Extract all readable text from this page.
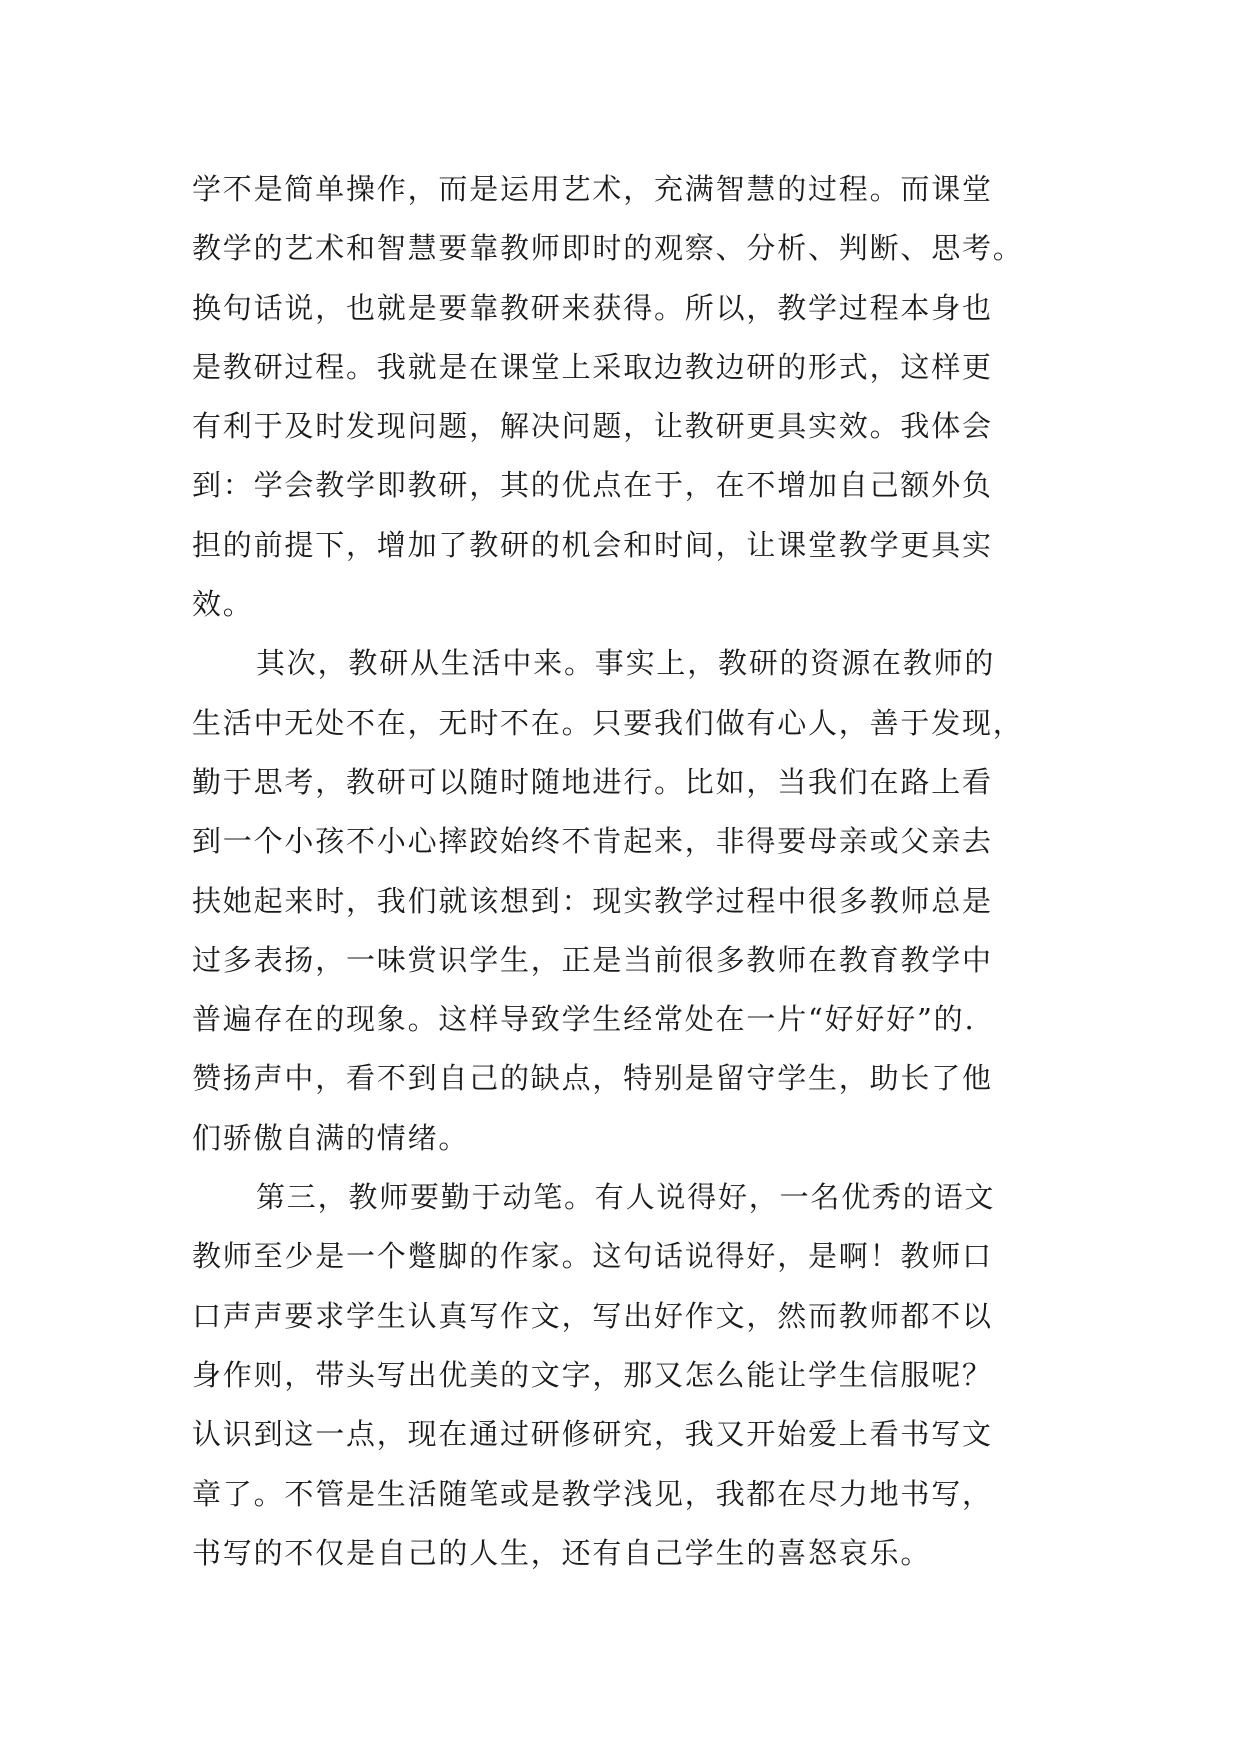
学不是简单操作，而是运用艺术，充满智慧的过程。而课堂
教学的艺术和智慧要靠教师即时的观察、分析、判断、思考。
换句话说，也就是要靠教研来获得。所以，教学过程本身也
是教研过程。我就是在课堂上采取边教边研的形式，这样更
有利于及时发现问题，解决问题，让教研更具实效。我体会
到：学会教学即教研，其的优点在于，在不增加自己额外负
担的前提下，增加了教研的机会和时间，让课堂教学更具实
效。
其次，教研从生活中来。事实上，教研的资源在教师的
生活中无处不在，无时不在。只要我们做有心人，善于发现，
勤于思考，教研可以随时随地进行。比如，当我们在路上看
到一个小孩不小心摔跤始终不肯起来，非得要母亲或父亲去
扶她起来时，我们就该想到：现实教学过程中很多教师总是
过多表扬，一味赏识学生，正是当前很多教师在教育教学中
普遍存在的现象。这样导致学生经常处在一片“好好好”的.
赞扬声中，看不到自己的缺点，特别是留守学生，助长了他
们骄傲自满的情绪。
第三，教师要勤于动笔。有人说得好，一名优秀的语文
教师至少是一个蹩脚的作家。这句话说得好，是啊！教师口
口声声要求学生认真写作文，写出好作文，然而教师都不以
身作则，带头写出优美的文字，那又怎么能让学生信服呢？
认识到这一点，现在通过研修研究，我又开始爱上看书写文
章了。不管是生活随笔或是教学浅见，我都在尽力地书写，
书写的不仅是自己的人生，还有自己学生的喜怒哀乐。
